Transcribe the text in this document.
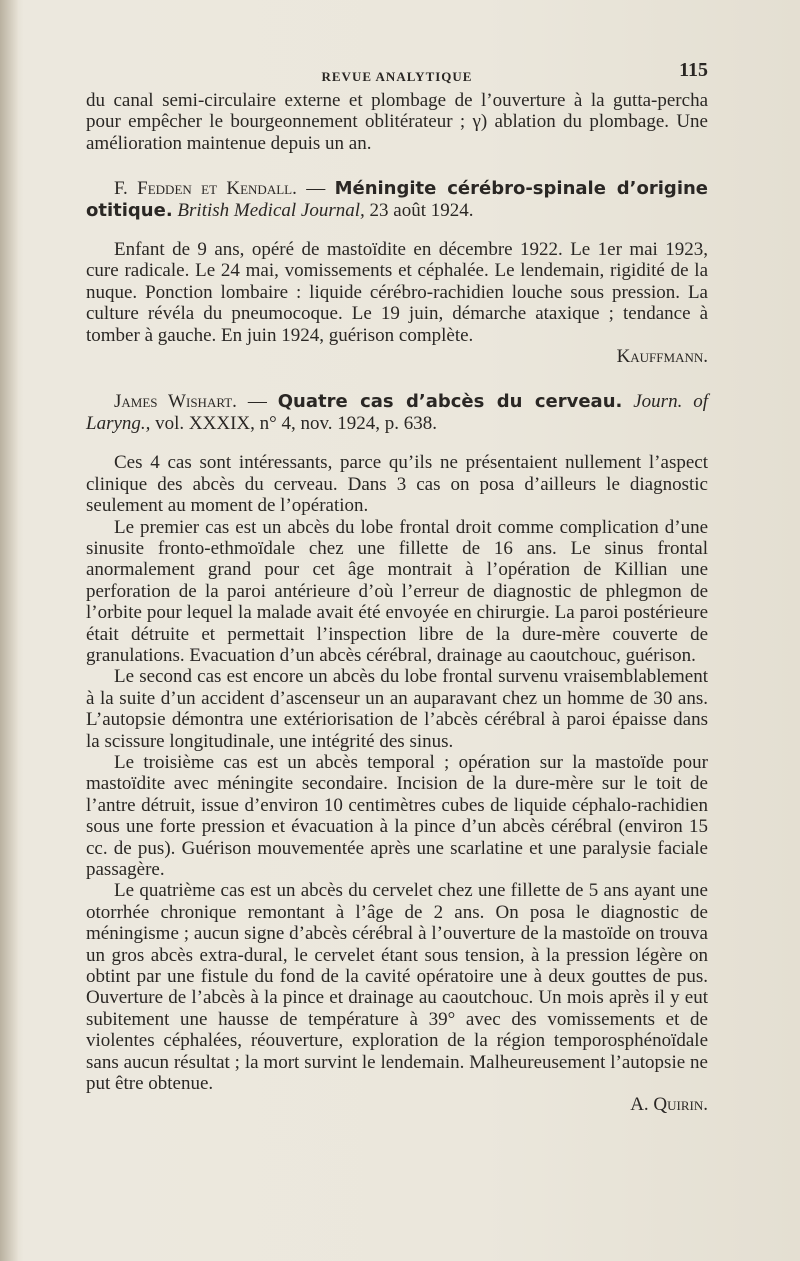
REVUE ANALYTIQUE	115

du canal semi-circulaire externe et plombage de l’ouverture à la gutta-percha pour empêcher le bourgeonnement oblitérateur ; γ) ablation du plombage. Une amélioration maintenue depuis un an.

F. Fedden et Kendall. — Méningite cérébro-spinale d’origine otitique. British Medical Journal, 23 août 1924.

Enfant de 9 ans, opéré de mastoïdite en décembre 1922. Le 1er mai 1923, cure radicale. Le 24 mai, vomissements et céphalée. Le lendemain, rigidité de la nuque. Ponction lombaire : liquide cérébro-rachidien louche sous pression. La culture révéla du pneumocoque. Le 19 juin, démarche ataxique ; tendance à tomber à gauche. En juin 1924, guérison complète.

Kauffmann.

James Wishart. — Quatre cas d’abcès du cerveau. Journ. of Laryng., vol. XXXIX, n° 4, nov. 1924, p. 638.

Ces 4 cas sont intéressants, parce qu’ils ne présentaient nullement l’aspect clinique des abcès du cerveau. Dans 3 cas on posa d’ailleurs le diagnostic seulement au moment de l’opération.

Le premier cas est un abcès du lobe frontal droit comme complication d’une sinusite fronto-ethmoïdale chez une fillette de 16 ans. Le sinus frontal anormalement grand pour cet âge montrait à l’opération de Killian une perforation de la paroi antérieure d’où l’erreur de diagnostic de phlegmon de l’orbite pour lequel la malade avait été envoyée en chirurgie. La paroi postérieure était détruite et permettait l’inspection libre de la dure-mère couverte de granulations. Evacuation d’un abcès cérébral, drainage au caoutchouc, guérison.

Le second cas est encore un abcès du lobe frontal survenu vraisemblablement à la suite d’un accident d’ascenseur un an auparavant chez un homme de 30 ans. L’autopsie démontra une extériorisation de l’abcès cérébral à paroi épaisse dans la scissure longitudinale, une intégrité des sinus.

Le troisième cas est un abcès temporal ; opération sur la mastoïde pour mastoïdite avec méningite secondaire. Incision de la dure-mère sur le toit de l’antre détruit, issue d’environ 10 centimètres cubes de liquide céphalo-rachidien sous une forte pression et évacuation à la pince d’un abcès cérébral (environ 15 cc. de pus). Guérison mouvementée après une scarlatine et une paralysie faciale passagère.

Le quatrième cas est un abcès du cervelet chez une fillette de 5 ans ayant une otorrhée chronique remontant à l’âge de 2 ans. On posa le diagnostic de méningisme ; aucun signe d’abcès cérébral à l’ouverture de la mastoïde on trouva un gros abcès extra-dural, le cervelet étant sous tension, à la pression légère on obtint par une fistule du fond de la cavité opératoire une à deux gouttes de pus. Ouverture de l’abcès à la pince et drainage au caoutchouc. Un mois après il y eut subitement une hausse de température à 39° avec des vomissements et de violentes céphalées, réouverture, exploration de la région temporosphénoïdale sans aucun résultat ; la mort survint le lendemain. Malheureusement l’autopsie ne put être obtenue.

A. Quirin.
